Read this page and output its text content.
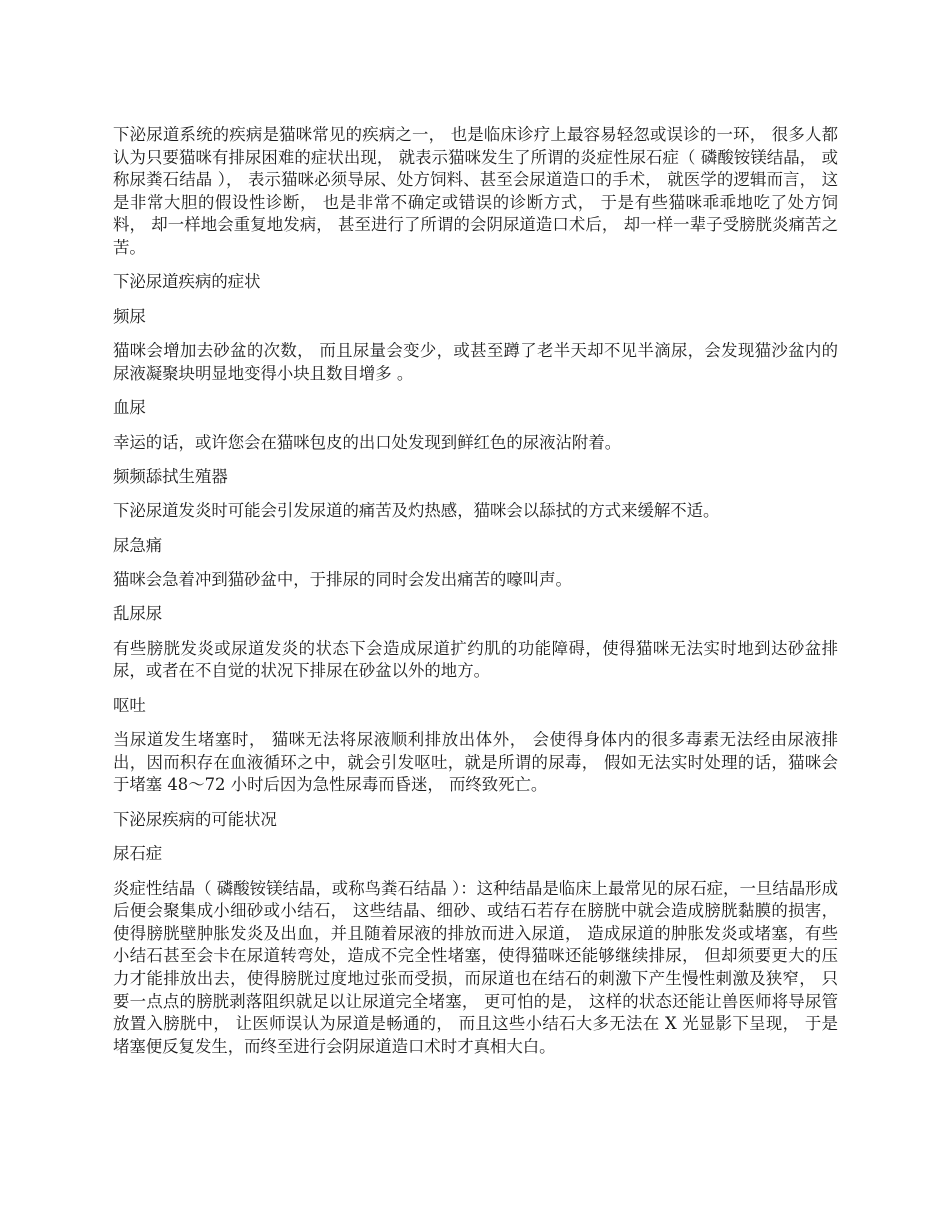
下泌尿道系统的疾病是猫咪常见的疾病之一， 也是临床诊疗上最容易轻忽或误诊的一环， 很多人都认为只要猫咪有排尿困难的症状出现， 就表示猫咪发生了所谓的炎症性尿石症（ 磷酸铵镁结晶， 或称尿粪石结晶 ）， 表示猫咪必须导尿、处方饲料、甚至会尿道造口的手术， 就医学的逻辑而言， 这是非常大胆的假设性诊断， 也是非常不确定或错误的诊断方式， 于是有些猫咪乖乖地吃了处方饲料， 却一样地会重复地发病， 甚至进行了所谓的会阴尿道造口术后， 却一样一辈子受膀胱炎痛苦之苦。

下泌尿道疾病的症状

频尿

猫咪会增加去砂盆的次数， 而且尿量会变少，或甚至蹲了老半天却不见半滴尿，会发现猫沙盆内的尿液凝聚块明显地变得小块且数目增多 。

血尿

幸运的话，或许您会在猫咪包皮的出口处发现到鲜红色的尿液沾附着。

频频舔拭生殖器

下泌尿道发炎时可能会引发尿道的痛苦及灼热感，猫咪会以舔拭的方式来缓解不适。

尿急痛

猫咪会急着冲到猫砂盆中，于排尿的同时会发出痛苦的嚎叫声。

乱尿尿

有些膀胱发炎或尿道发炎的状态下会造成尿道扩约肌的功能障碍，使得猫咪无法实时地到达砂盆排尿，或者在不自觉的状况下排尿在砂盆以外的地方。

呕吐

当尿道发生堵塞时， 猫咪无法将尿液顺利排放出体外， 会使得身体内的很多毒素无法经由尿液排出，因而积存在血液循环之中，就会引发呕吐，就是所谓的尿毒， 假如无法实时处理的话，猫咪会于堵塞 48～72 小时后因为急性尿毒而昏迷， 而终致死亡。

下泌尿疾病的可能状况

尿石症

炎症性结晶（ 磷酸铵镁结晶，或称鸟粪石结晶 ）：这种结晶是临床上最常见的尿石症，一旦结晶形成后便会聚集成小细砂或小结石， 这些结晶、细砂、或结石若存在膀胱中就会造成膀胱黏膜的损害， 使得膀胱壁肿胀发炎及出血，并且随着尿液的排放而进入尿道， 造成尿道的肿胀发炎或堵塞，有些小结石甚至会卡在尿道转弯处，造成不完全性堵塞，使得猫咪还能够继续排尿， 但却须要更大的压力才能排放出去，使得膀胱过度地过张而受损，而尿道也在结石的刺激下产生慢性刺激及狭窄， 只要一点点的膀胱剥落阻织就足以让尿道完全堵塞， 更可怕的是， 这样的状态还能让兽医师将导尿管放置入膀胱中， 让医师误认为尿道是畅通的， 而且这些小结石大多无法在 X 光显影下呈现， 于是堵塞便反复发生，而终至进行会阴尿道造口术时才真相大白。
